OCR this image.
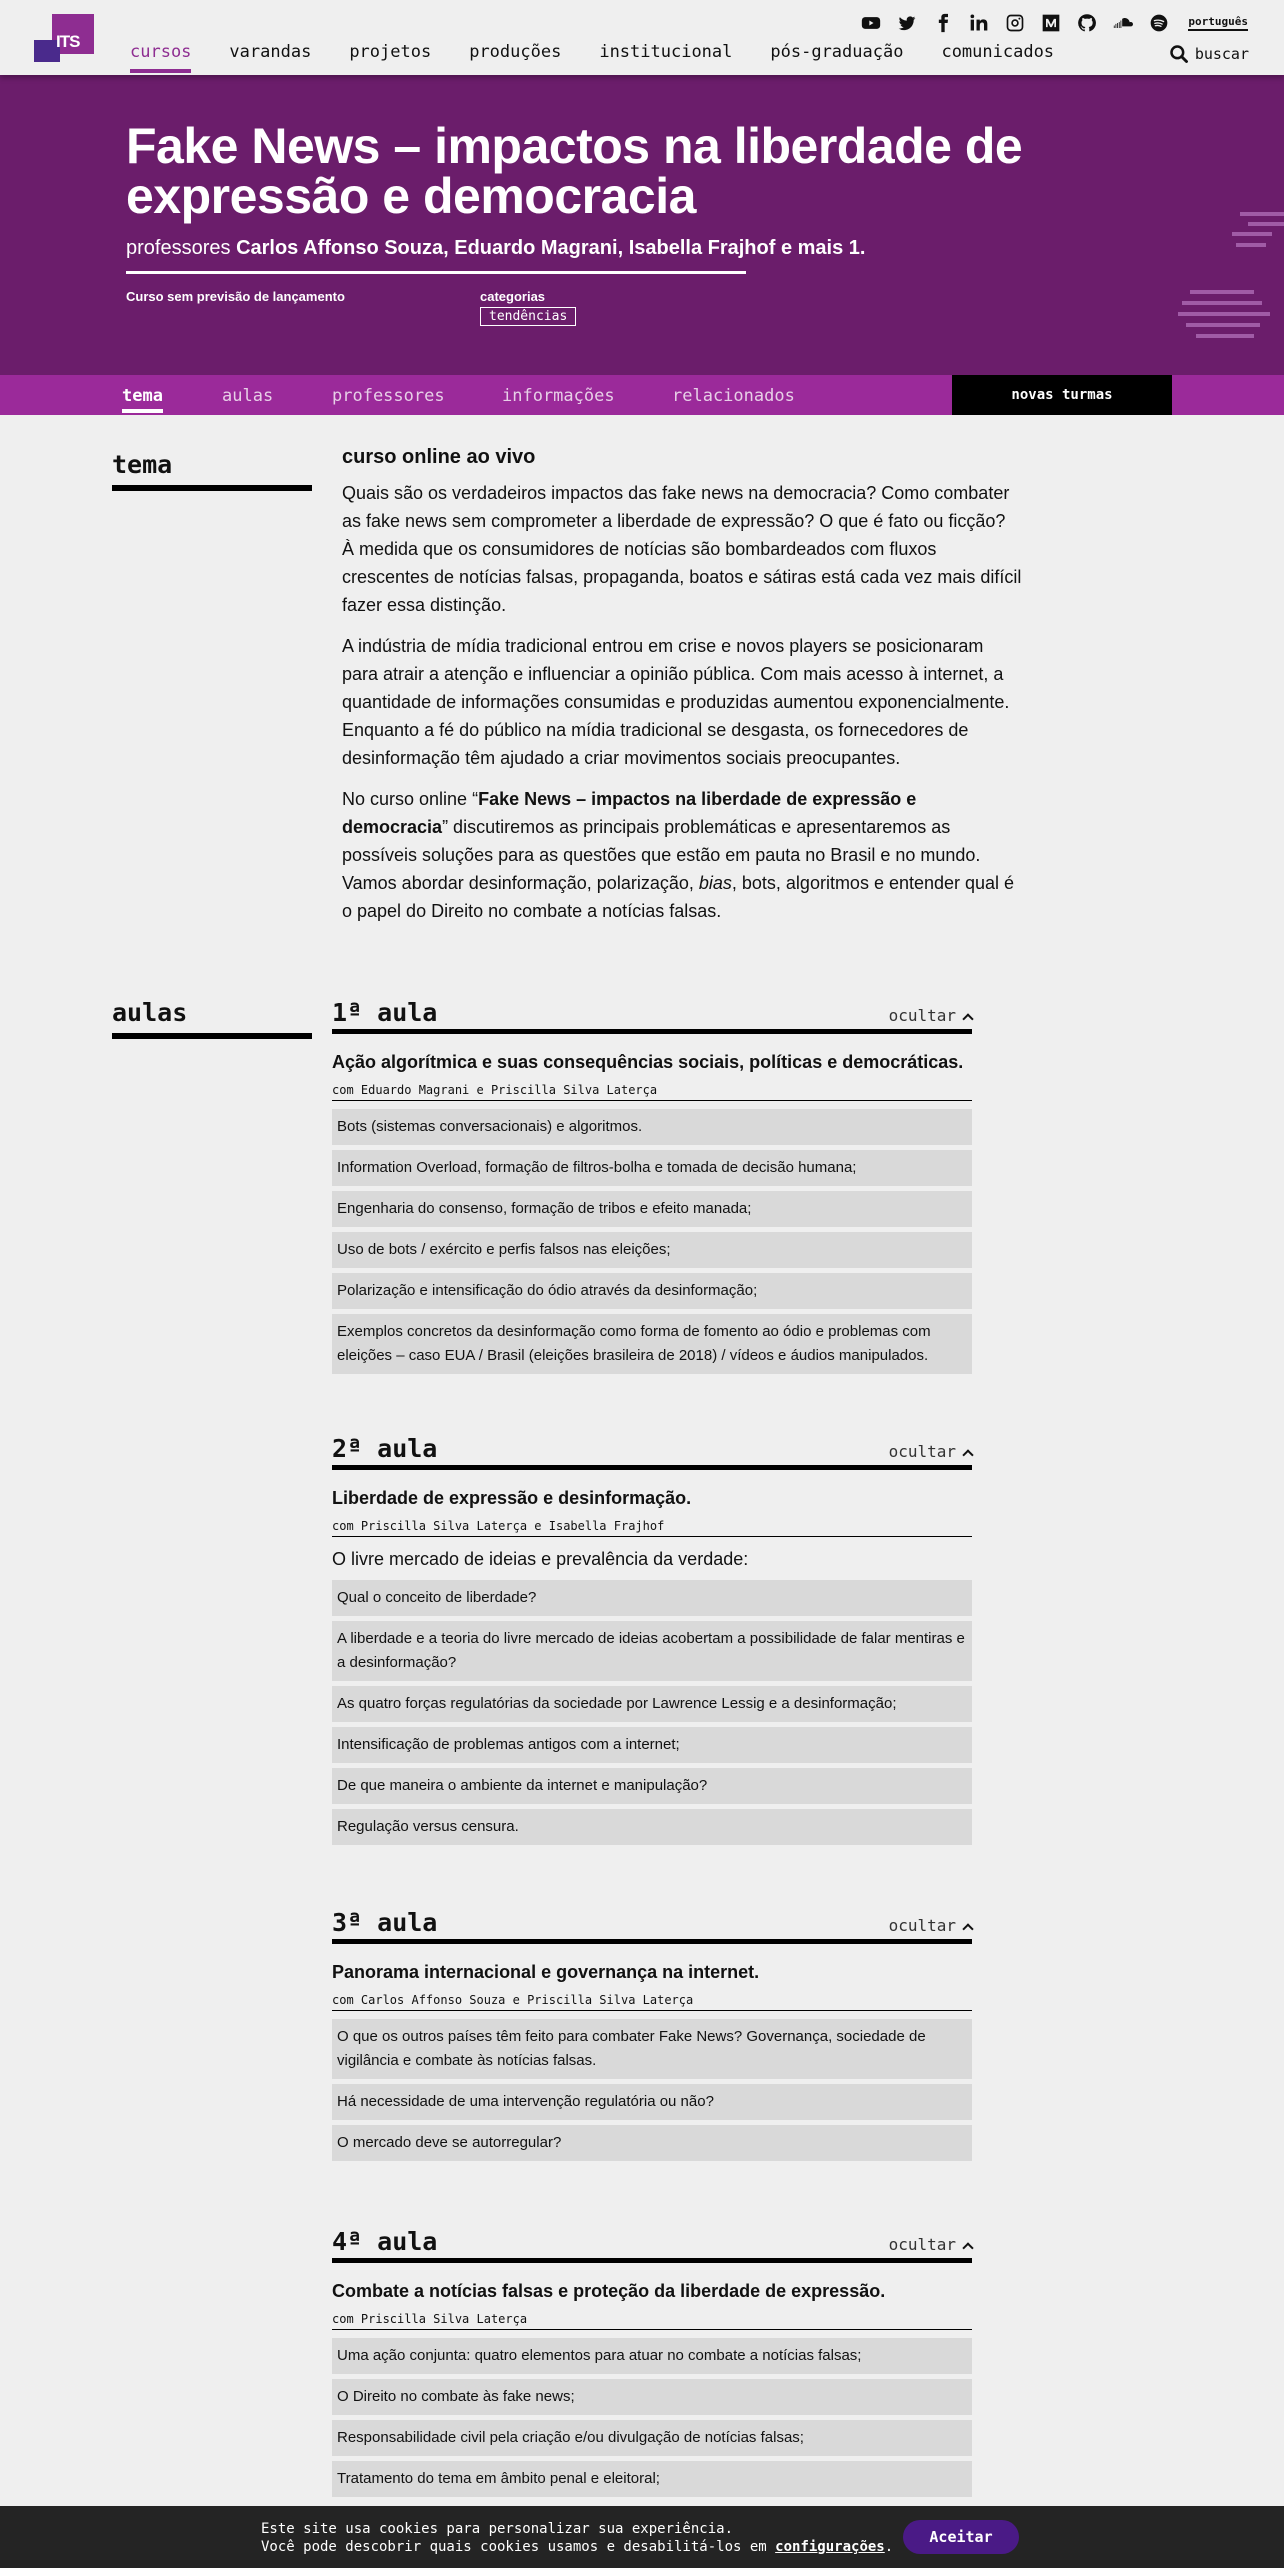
ITS
cursos varandas projetos produções institucional pós-graduação comunicados
português
buscar
Fake News – impactos na liberdade de expressão e democracia
professores Carlos Affonso Souza, Eduardo Magrani, Isabella Frajhof e mais 1.
Curso sem previsão de lançamento	categorias
tendências
tema	aulas	professores	informações	relacionados	novas turmas
tema	curso online ao vivo

Quais são os verdadeiros impactos das fake news na democracia? Como combater as fake news sem comprometer a liberdade de expressão? O que é fato ou ficção? À medida que os consumidores de notícias são bombardeados com fluxos crescentes de notícias falsas, propaganda, boatos e sátiras está cada vez mais difícil fazer essa distinção.

A indústria de mídia tradicional entrou em crise e novos players se posicionaram para atrair a atenção e influenciar a opinião pública. Com mais acesso à internet, a quantidade de informações consumidas e produzidas aumentou exponencialmente. Enquanto a fé do público na mídia tradicional se desgasta, os fornecedores de desinformação têm ajudado a criar movimentos sociais preocupantes.

No curso online “Fake News – impactos na liberdade de expressão e democracia” discutiremos as principais problemáticas e apresentaremos as possíveis soluções para as questões que estão em pauta no Brasil e no mundo. Vamos abordar desinformação, polarização, bias, bots, algoritmos e entender qual é o papel do Direito no combate a notícias falsas.

aulas	1ª aula	ocultar
Ação algorítmica e suas consequências sociais, políticas e democráticas.
com Eduardo Magrani e Priscilla Silva Laterça
Bots (sistemas conversacionais) e algoritmos.
Information Overload, formação de filtros-bolha e tomada de decisão humana;
Engenharia do consenso, formação de tribos e efeito manada;
Uso de bots / exército e perfis falsos nas eleições;
Polarização e intensificação do ódio através da desinformação;
Exemplos concretos da desinformação como forma de fomento ao ódio e problemas com eleições – caso EUA / Brasil (eleições brasileira de 2018) / vídeos e áudios manipulados.
2ª aula	ocultar
Liberdade de expressão e desinformação.
com Priscilla Silva Laterça e Isabella Frajhof
O livre mercado de ideias e prevalência da verdade:
Qual o conceito de liberdade?
A liberdade e a teoria do livre mercado de ideias acobertam a possibilidade de falar mentiras e a desinformação?
As quatro forças regulatórias da sociedade por Lawrence Lessig e a desinformação;
Intensificação de problemas antigos com a internet;
De que maneira o ambiente da internet e manipulação?
Regulação versus censura.
3ª aula	ocultar
Panorama internacional e governança na internet.
com Carlos Affonso Souza e Priscilla Silva Laterça
O que os outros países têm feito para combater Fake News? Governança, sociedade de vigilância e combate às notícias falsas.
Há necessidade de uma intervenção regulatória ou não?
O mercado deve se autorregular?
4ª aula	ocultar
Combate a notícias falsas e proteção da liberdade de expressão.
com Priscilla Silva Laterça
Uma ação conjunta: quatro elementos para atuar no combate a notícias falsas;
O Direito no combate às fake news;
Responsabilidade civil pela criação e/ou divulgação de notícias falsas;
Tratamento do tema em âmbito penal e eleitoral;
Este site usa cookies para personalizar sua experiência.
Você pode descobrir quais cookies usamos e desabilitá-los em configurações.
Aceitar
